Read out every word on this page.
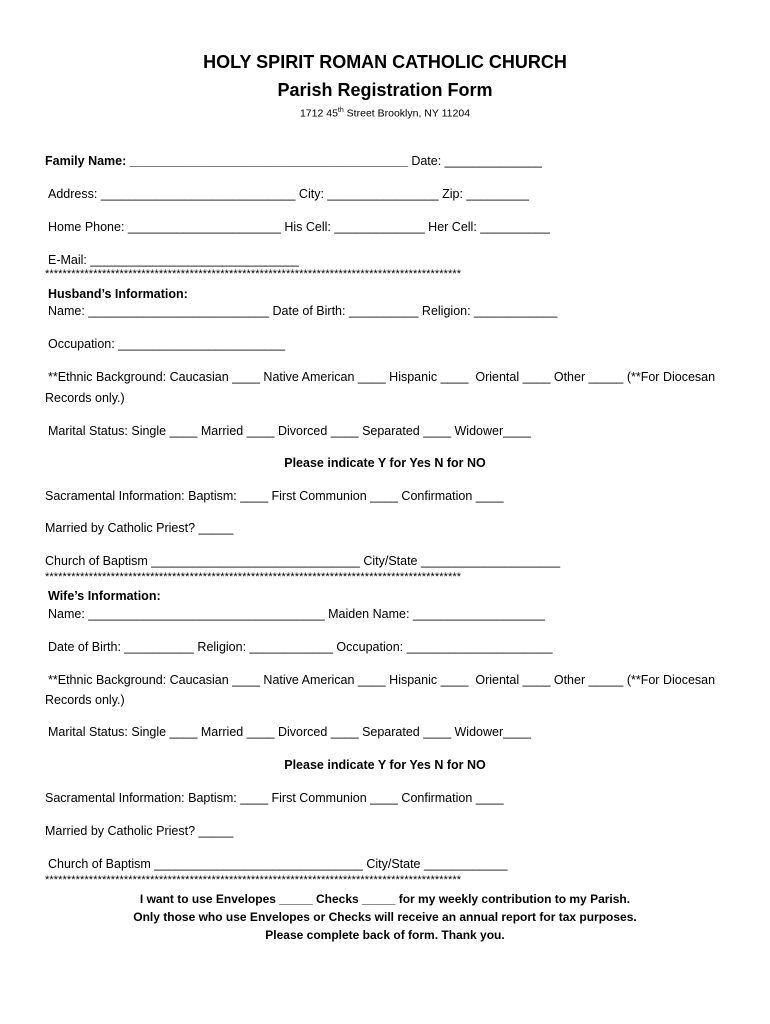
HOLY SPIRIT ROMAN CATHOLIC CHURCH
Parish Registration Form
1712 45th Street Brooklyn, NY 11204
Family Name: ________________________________________ Date: ______________
Address: ____________________________ City: ________________ Zip: _________
Home Phone: ______________________ His Cell: _____________ Her Cell: __________
E-Mail: ______________________________
***********************************************************************************************
Husband’s Information:
Name: __________________________ Date of Birth: __________ Religion: ____________
Occupation: ________________________
**Ethnic Background: Caucasian ____ Native American ____ Hispanic ____  Oriental ____ Other _____ (**For Diocesan
Records only.)
Marital Status: Single ____ Married ____ Divorced ____ Separated ____ Widower____
Please indicate Y for Yes N for NO
Sacramental Information: Baptism: ____ First Communion ____ Confirmation ____
Married by Catholic Priest? _____
Church of Baptism ______________________________ City/State ____________________
***********************************************************************************************
Wife’s Information:
Name: __________________________________ Maiden Name: ___________________
Date of Birth: __________ Religion: ____________ Occupation: _____________________
**Ethnic Background: Caucasian ____ Native American ____ Hispanic ____  Oriental ____ Other _____ (**For Diocesan
Records only.)
Marital Status: Single ____ Married ____ Divorced ____ Separated ____ Widower____
Please indicate Y for Yes N for NO
Sacramental Information: Baptism: ____ First Communion ____ Confirmation ____
Married by Catholic Priest? _____
Church of Baptism ______________________________ City/State ____________
***********************************************************************************************
I want to use Envelopes _____ Checks _____ for my weekly contribution to my Parish.
Only those who use Envelopes or Checks will receive an annual report for tax purposes.
Please complete back of form. Thank you.
